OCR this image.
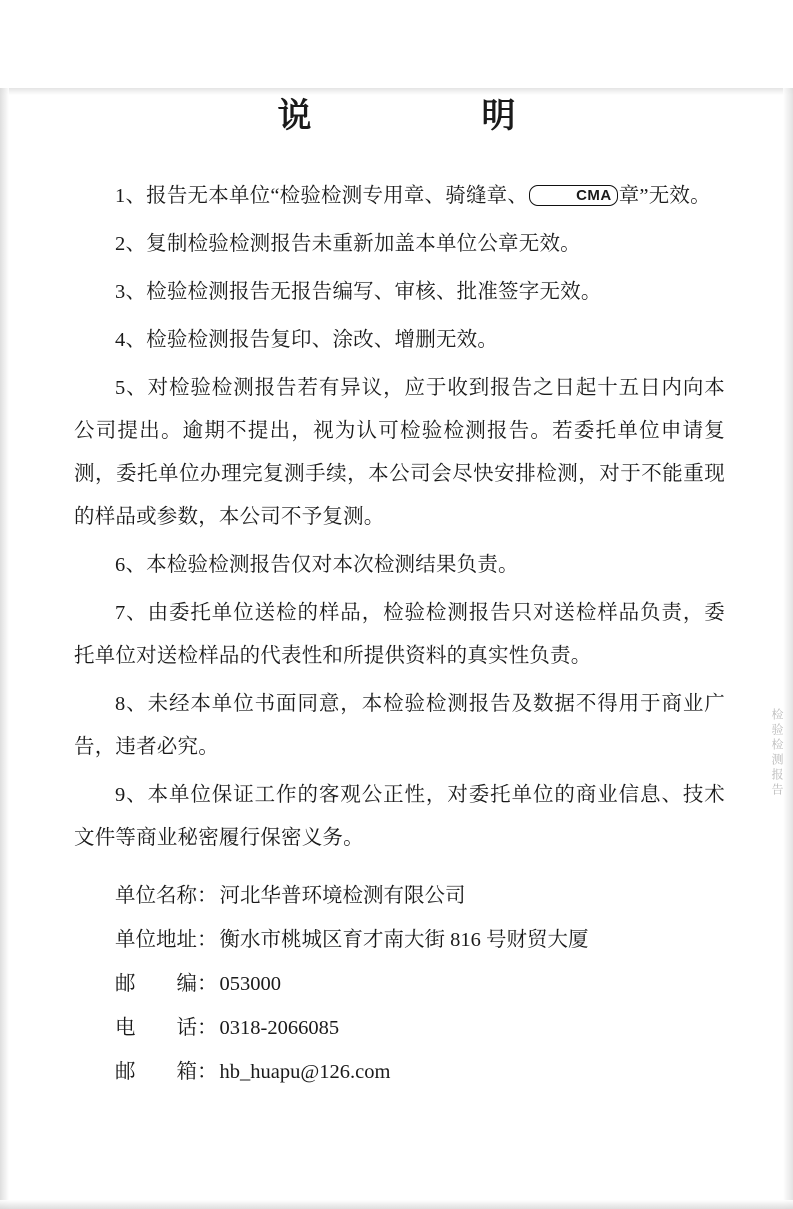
说　　明

1、报告无本单位“检验检测专用章、骑缝章、	CMA 章”无效。

2、复制检验检测报告未重新加盖本单位公章无效。

3、检验检测报告无报告编写、审核、批准签字无效。

4、检验检测报告复印、涂改、增删无效。

5、对检验检测报告若有异议，应于收到报告之日起十五日内向本公司提出。逾期不提出，视为认可检验检测报告。若委托单位申请复测，委托单位办理完复测手续，本公司会尽快安排检测，对于不能重现的样品或参数，本公司不予复测。

6、本检验检测报告仅对本次检测结果负责。

7、由委托单位送检的样品，检验检测报告只对送检样品负责，委托单位对送检样品的代表性和所提供资料的真实性负责。

8、未经本单位书面同意，本检验检测报告及数据不得用于商业广告，违者必究。

9、本单位保证工作的客观公正性，对委托单位的商业信息、技术文件等商业秘密履行保密义务。

单位名称： 河北华普环境检测有限公司
单位地址： 衡水市桃城区育才南大街 816 号财贸大厦
邮　　编： 053000
电　　话： 0318-2066085
邮　　箱： hb_huapu@126.com
检验检测报告
